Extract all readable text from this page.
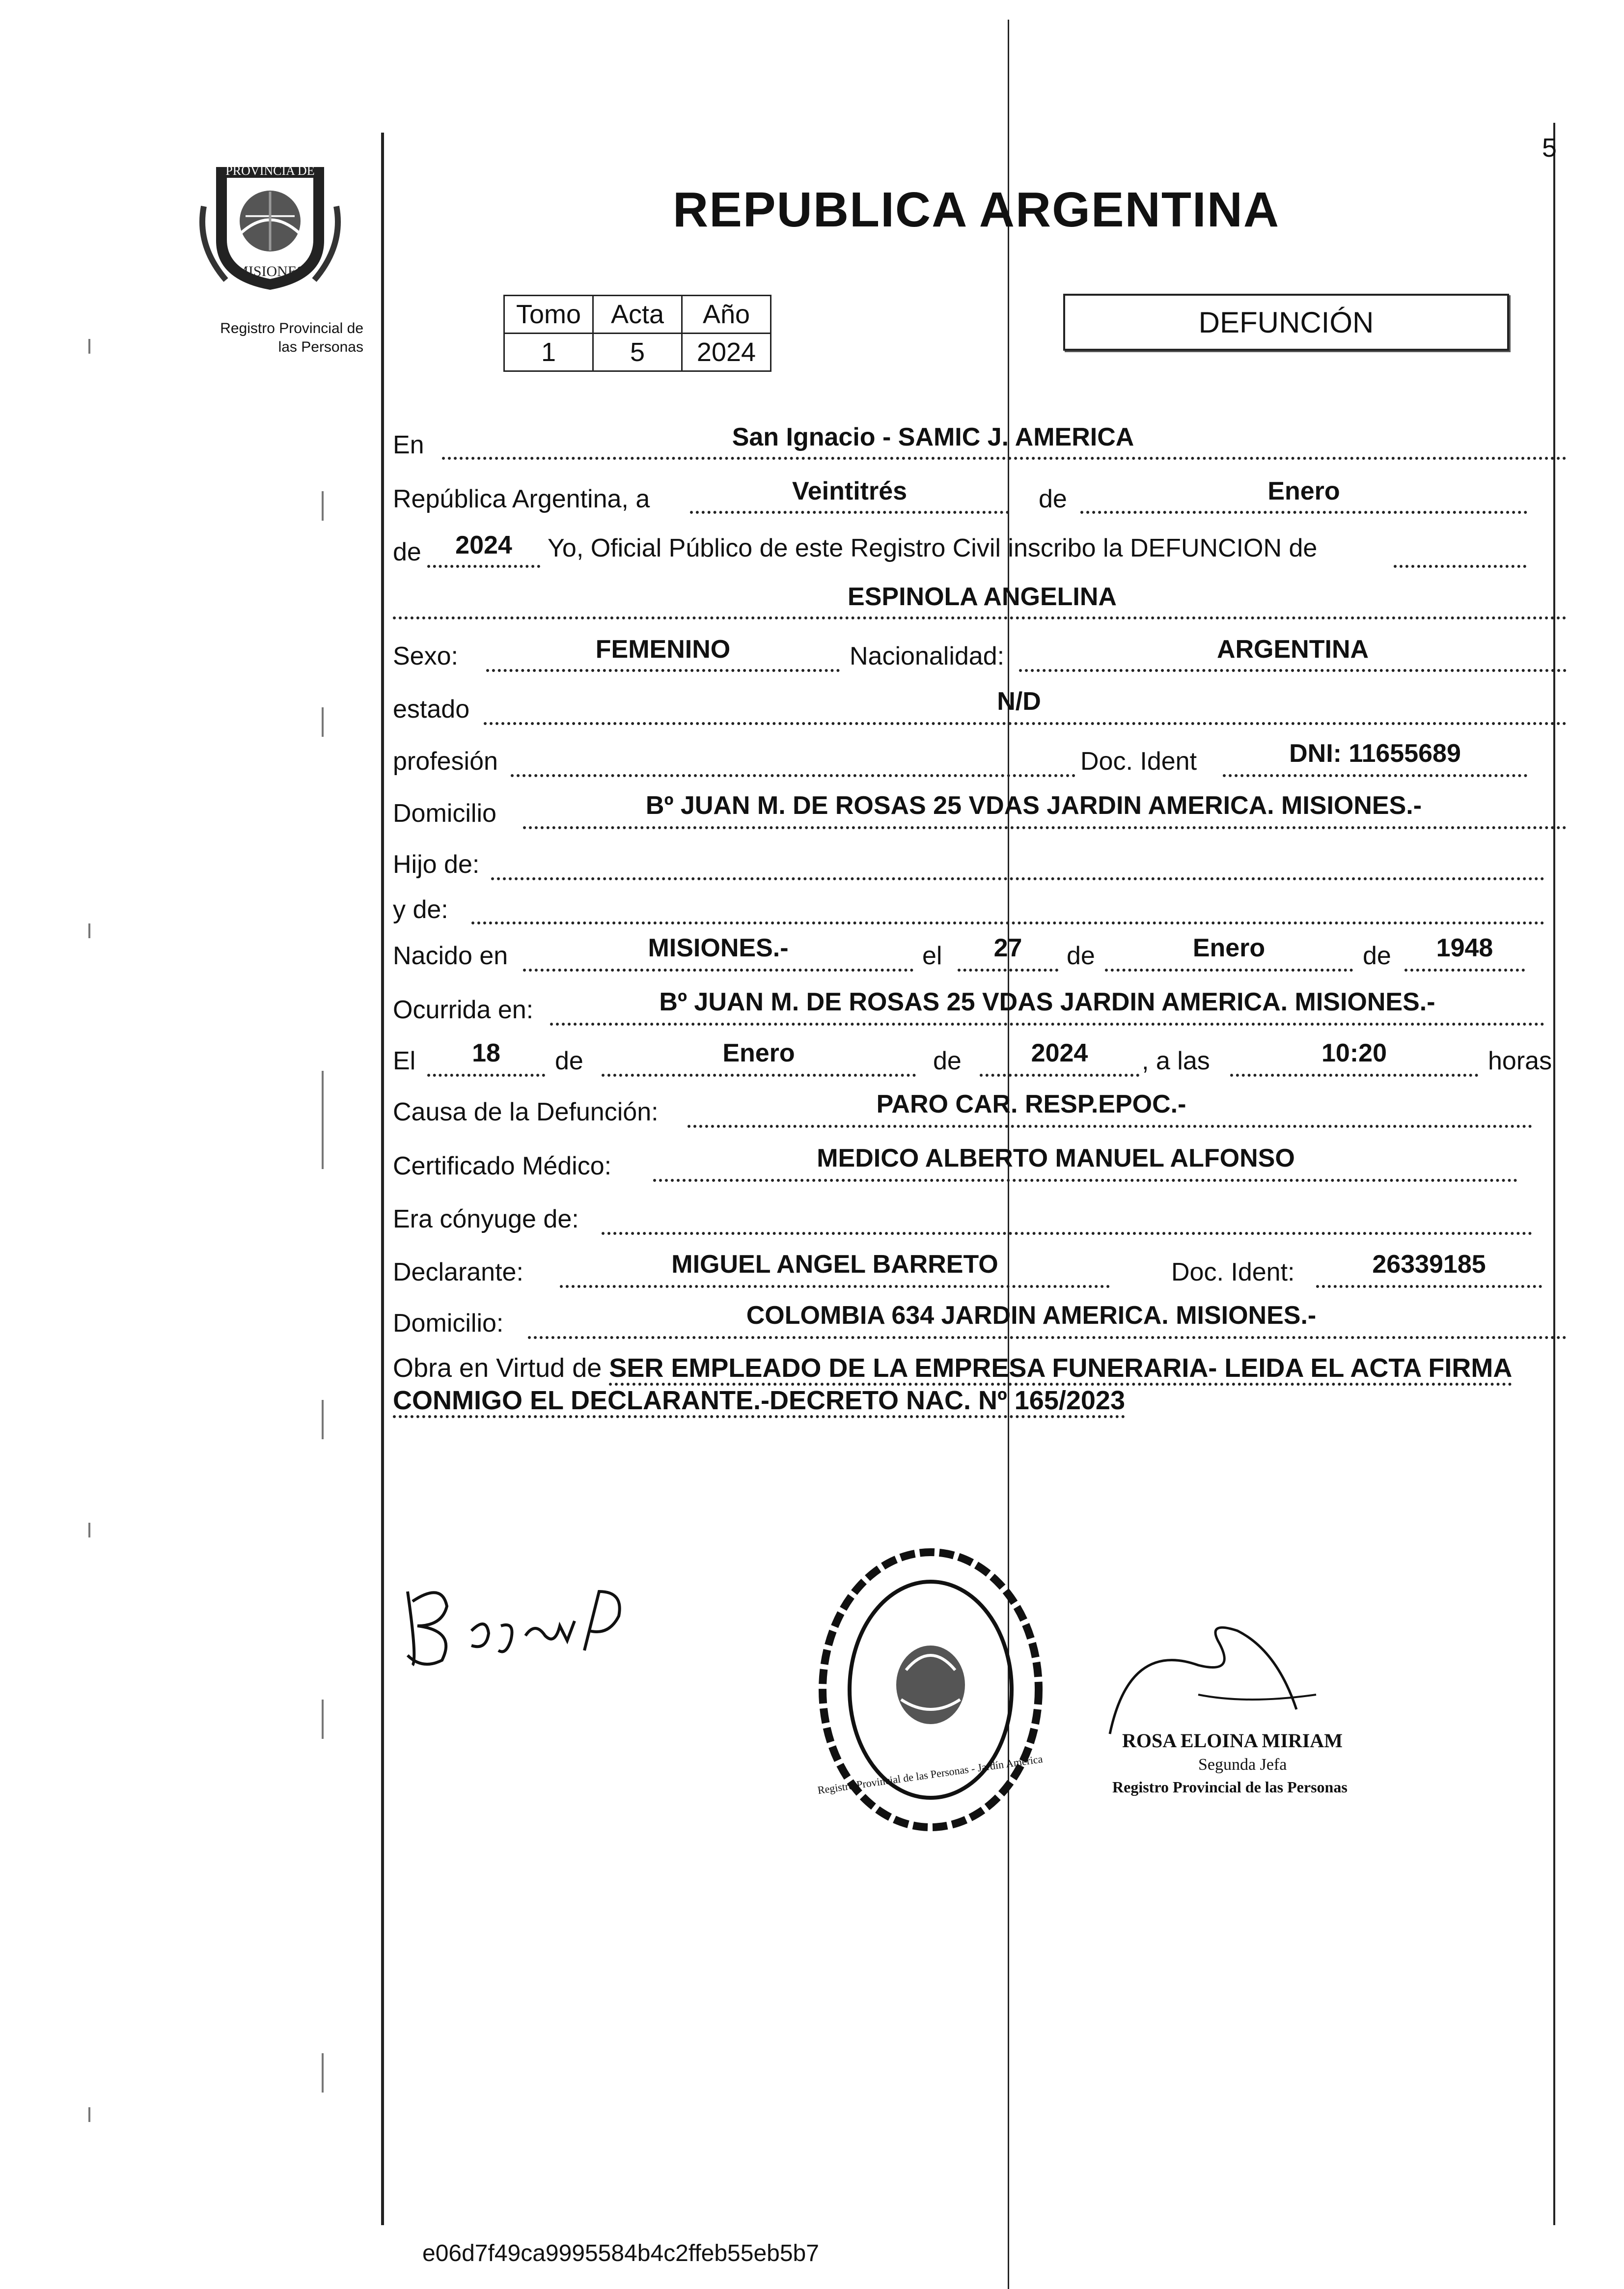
5
PROVINCIA DE
MISIONES
Registro Provincial de
las Personas
REPUBLICA ARGENTINA
Tomo	Acta	Año
1	5	2024
DEFUNCIÓN
En	San Ignacio - SAMIC J. AMERICA
República Argentina, a	Veintitrés	de	Enero
de	2024	Yo, Oficial Público de este Registro Civil inscribo la DEFUNCION de
ESPINOLA ANGELINA
Sexo:	FEMENINO	Nacionalidad:	ARGENTINA
estado	N/D
profesión	Doc. Ident	DNI: 11655689
Domicilio	Bº JUAN M. DE ROSAS 25 VDAS JARDIN AMERICA. MISIONES.-
Hijo de:
y de:
Nacido en	MISIONES.-	el	27	de	Enero	de	1948
Ocurrida en:	Bº JUAN M. DE ROSAS 25 VDAS JARDIN AMERICA. MISIONES.-
El	18	de	Enero	de	2024	, a las	10:20	horas
Causa de la Defunción:	PARO CAR. RESP.EPOC.-
Certificado Médico:	MEDICO ALBERTO MANUEL ALFONSO
Era cónyuge de:
Declarante:	MIGUEL ANGEL BARRETO	Doc. Ident:	26339185
Domicilio:	COLOMBIA 634 JARDIN AMERICA. MISIONES.-
Obra en Virtud de SER EMPLEADO DE LA EMPRESA FUNERARIA- LEIDA EL ACTA FIRMA
CONMIGO EL DECLARANTE.-DECRETO NAC. Nº 165/2023
Registro Provincial de las Personas - Jardín América
ROSA ELOINA MIRIAM
Segunda Jefa
Registro Provincial de las Personas
e06d7f49ca9995584b4c2ffeb55eb5b7
